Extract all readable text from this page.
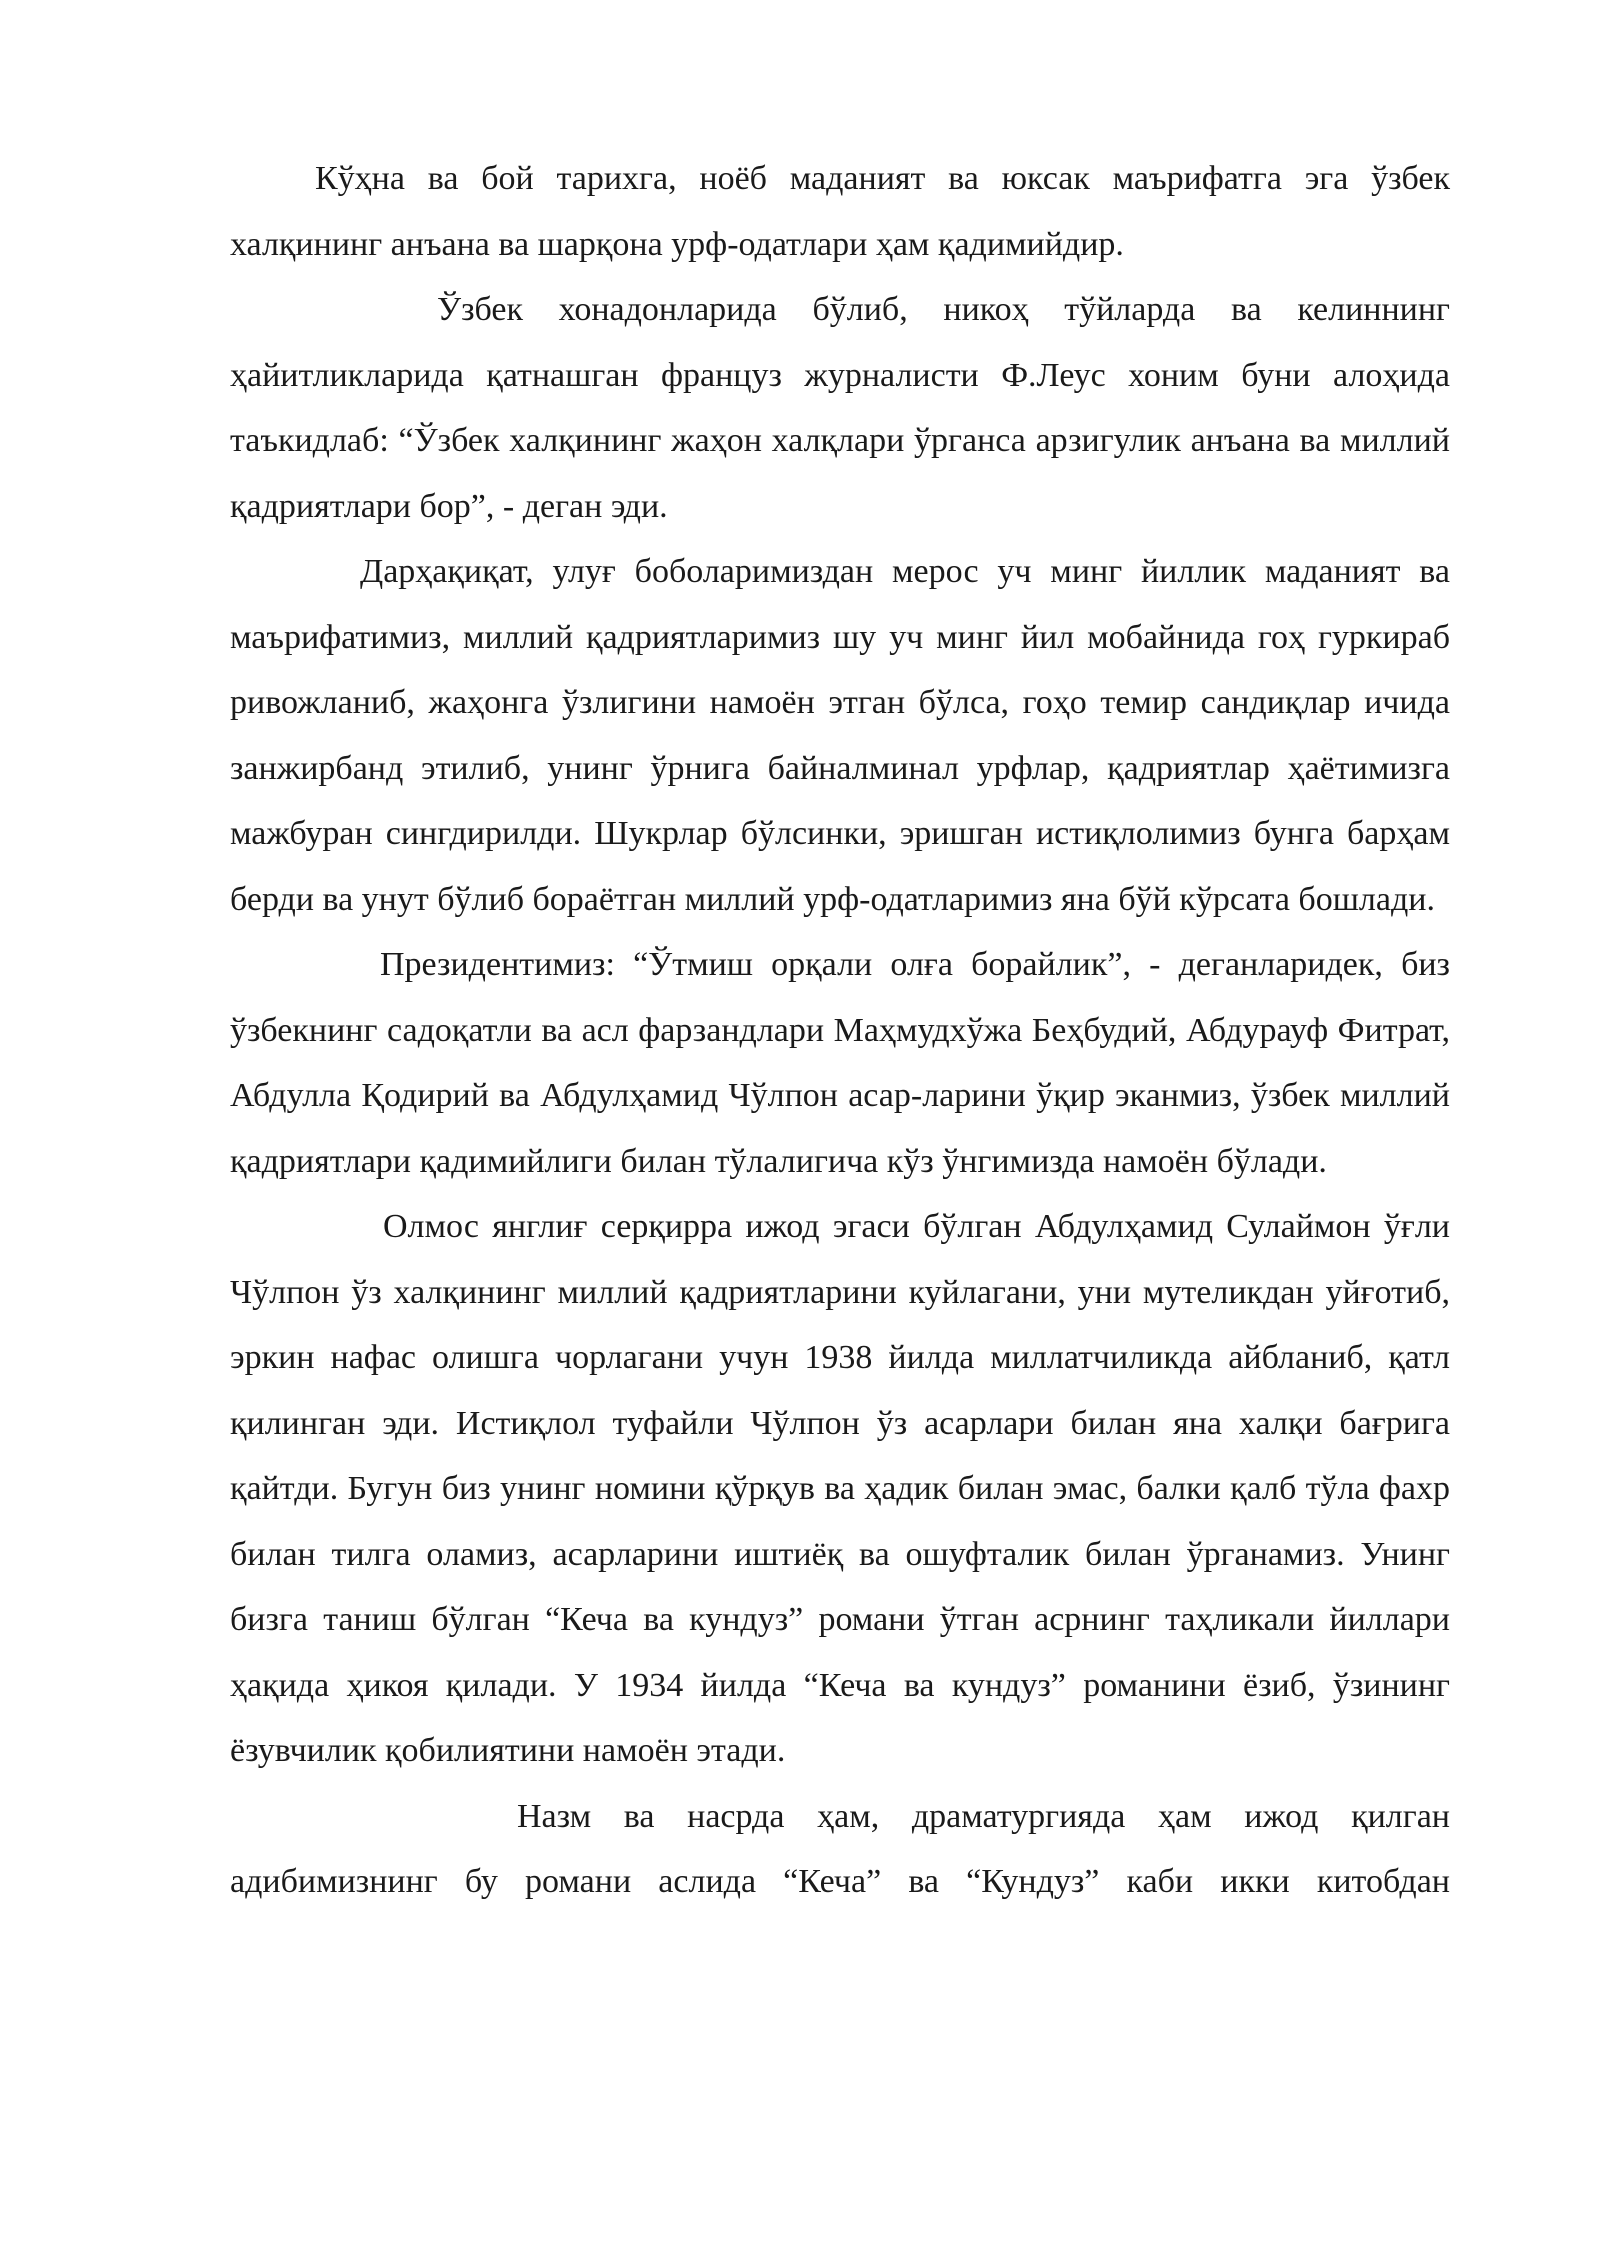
Кўҳна ва бой тарихга, ноёб маданият ва юксак маърифатга эга ўзбек халқининг анъана ва шарқона урф-одатлари ҳам қадимийдир.

Ўзбек хонадонларида бўлиб, никоҳ тўйларда ва келиннинг ҳайитликларида қатнашган француз журналисти Ф.Леус хоним буни алоҳида таъкидлаб: “Ўзбек халқининг жаҳон халқлари ўрганса арзигулик анъана ва миллий қадриятлари бор”, - деган эди.

Дарҳақиқат, улуғ боболаримиздан мерос уч минг йиллик маданият ва маърифатимиз, миллий қадриятларимиз шу уч минг йил мобайнида гоҳ гуркираб ривожланиб, жаҳонга ўзлигини намоён этган бўлса, гоҳо темир сандиқлар ичида занжирбанд этилиб, унинг ўрнига байналминал урфлар, қадриятлар ҳаётимизга мажбуран сингдирилди. Шукрлар бўлсинки, эришган истиқлолимиз бунга барҳам берди ва унут бўлиб бораётган миллий урф-одатларимиз яна бўй кўрсата бошлади.

Президентимиз: “Ўтмиш орқали олға борайлик”, - деганларидек, биз ўзбекнинг садоқатли ва асл фарзандлари Маҳмудхўжа Беҳбудий, Абдурауф Фитрат, Абдулла Қодирий ва Абдулҳамид Чўлпон асар-ларини ўқир эканмиз, ўзбек миллий қадриятлари қадимийлиги билан тўлалигича кўз ўнгимизда намоён бўлади.

Олмос янглиғ серқирра ижод эгаси бўлган Абдулҳамид Сулаймон ўғли Чўлпон ўз халқининг миллий қадриятларини куйлагани, уни мутеликдан уйғотиб, эркин нафас олишга чорлагани учун 1938 йилда миллатчиликда айбланиб, қатл қилинган эди. Истиқлол туфайли Чўлпон ўз асарлари билан яна халқи бағрига қайтди. Бугун биз унинг номини қўрқув ва ҳадик билан эмас, балки қалб тўла фахр билан тилга оламиз, асарларини иштиёқ ва ошуфталик билан ўрганамиз. Унинг бизга таниш бўлган “Кеча ва кундуз” романи ўтган асрнинг таҳликали йиллари ҳақида ҳикоя қилади. У 1934 йилда “Кеча ва кундуз” романини ёзиб, ўзининг ёзувчилик қобилиятини намоён этади.

Назм ва насрда ҳам, драматургияда ҳам ижод қилган адибимизнинг бу романи аслида “Кеча” ва “Кундуз” каби икки китобдан
